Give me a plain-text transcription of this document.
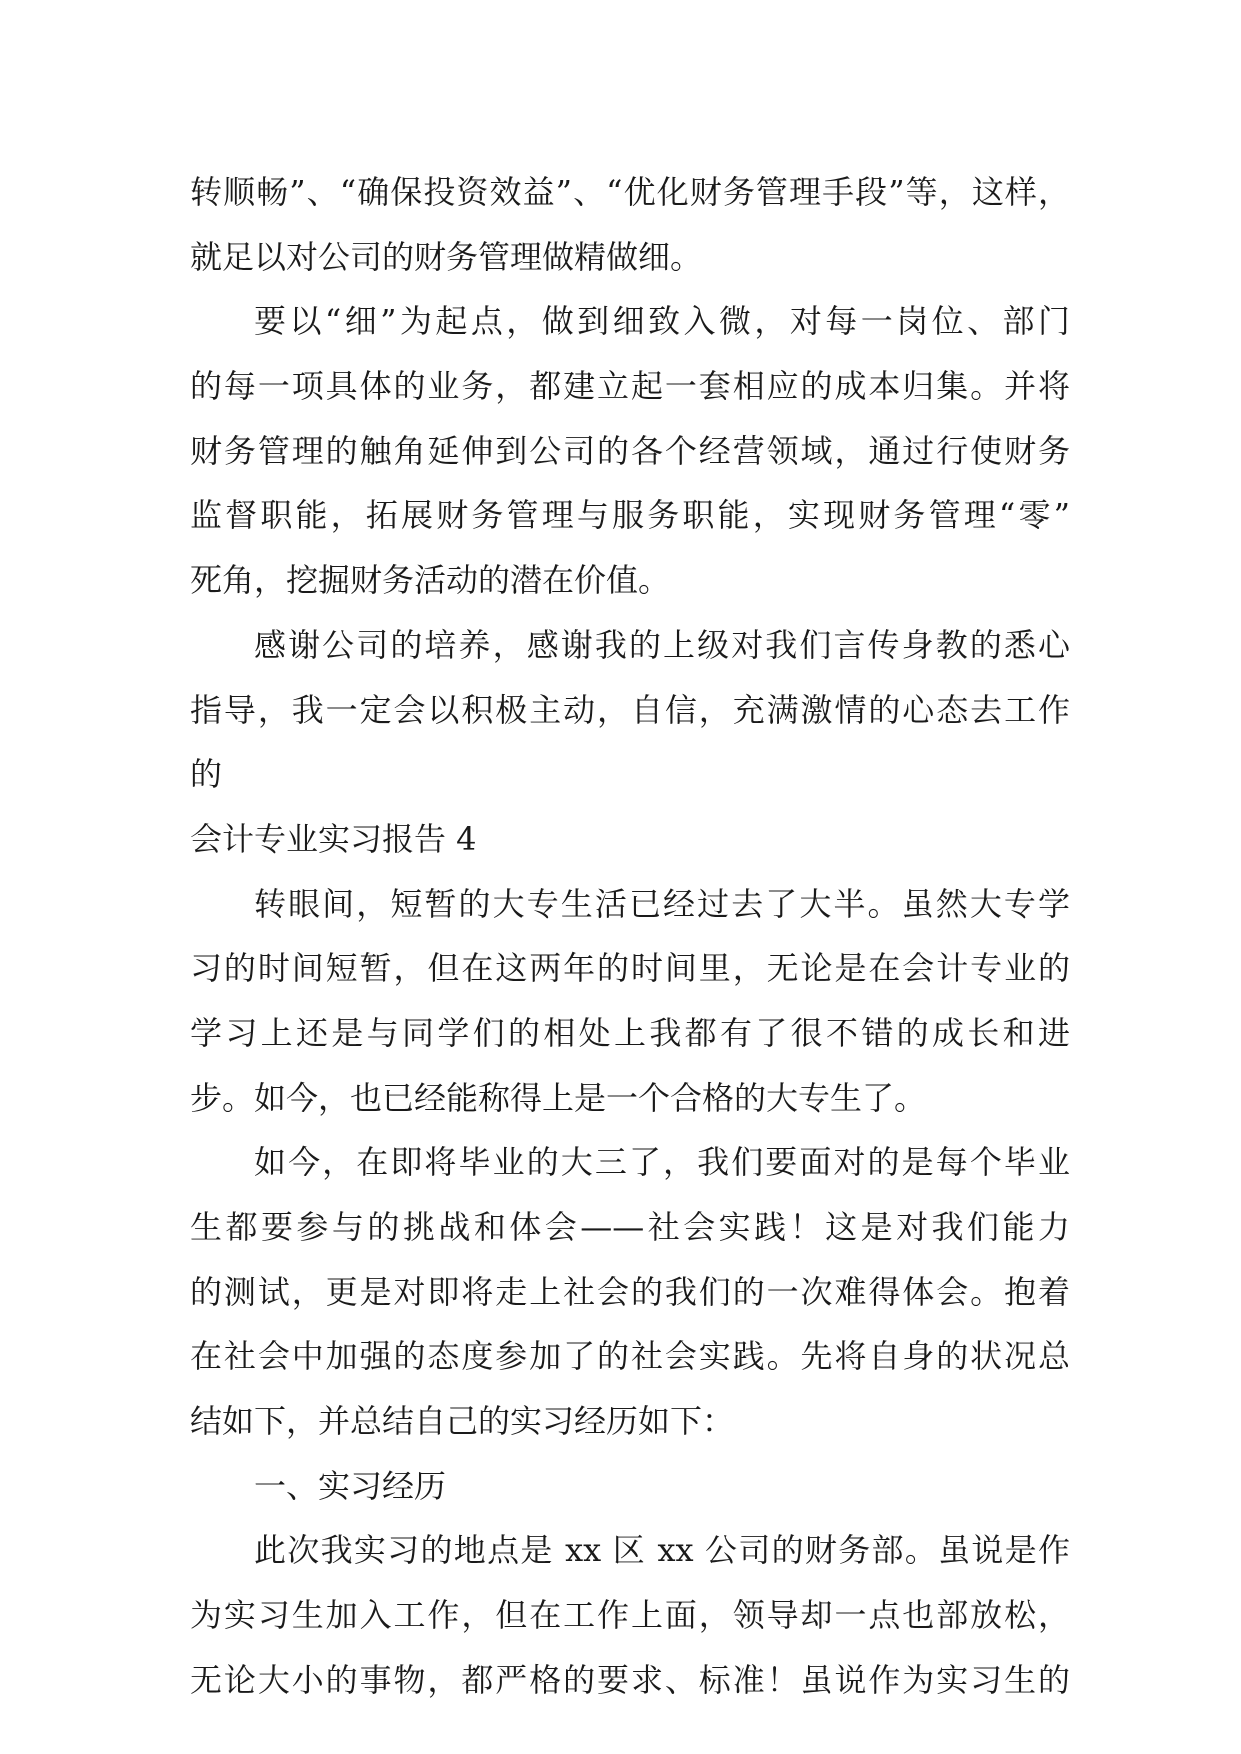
转顺畅”、“确保投资效益”、“优化财务管理手段”等，这样，
就足以对公司的财务管理做精做细。
要以“细”为起点，做到细致入微，对每一岗位、部门
的每一项具体的业务，都建立起一套相应的成本归集。并将
财务管理的触角延伸到公司的各个经营领域，通过行使财务
监督职能，拓展财务管理与服务职能，实现财务管理“零”
死角，挖掘财务活动的潜在价值。
感谢公司的培养，感谢我的上级对我们言传身教的悉心
指导，我一定会以积极主动，自信，充满激情的心态去工作
的
会计专业实习报告 4
转眼间，短暂的大专生活已经过去了大半。虽然大专学
习的时间短暂，但在这两年的时间里，无论是在会计专业的
学习上还是与同学们的相处上我都有了很不错的成长和进
步。如今，也已经能称得上是一个合格的大专生了。
如今，在即将毕业的大三了，我们要面对的是每个毕业
生都要参与的挑战和体会——社会实践！这是对我们能力
的测试，更是对即将走上社会的我们的一次难得体会。抱着
在社会中加强的态度参加了的社会实践。先将自身的状况总
结如下，并总结自己的实习经历如下：
一、实习经历
此次我实习的地点是 xx 区 xx 公司的财务部。虽说是作
为实习生加入工作，但在工作上面，领导却一点也部放松，
无论大小的事物，都严格的要求、标准！虽说作为实习生的
